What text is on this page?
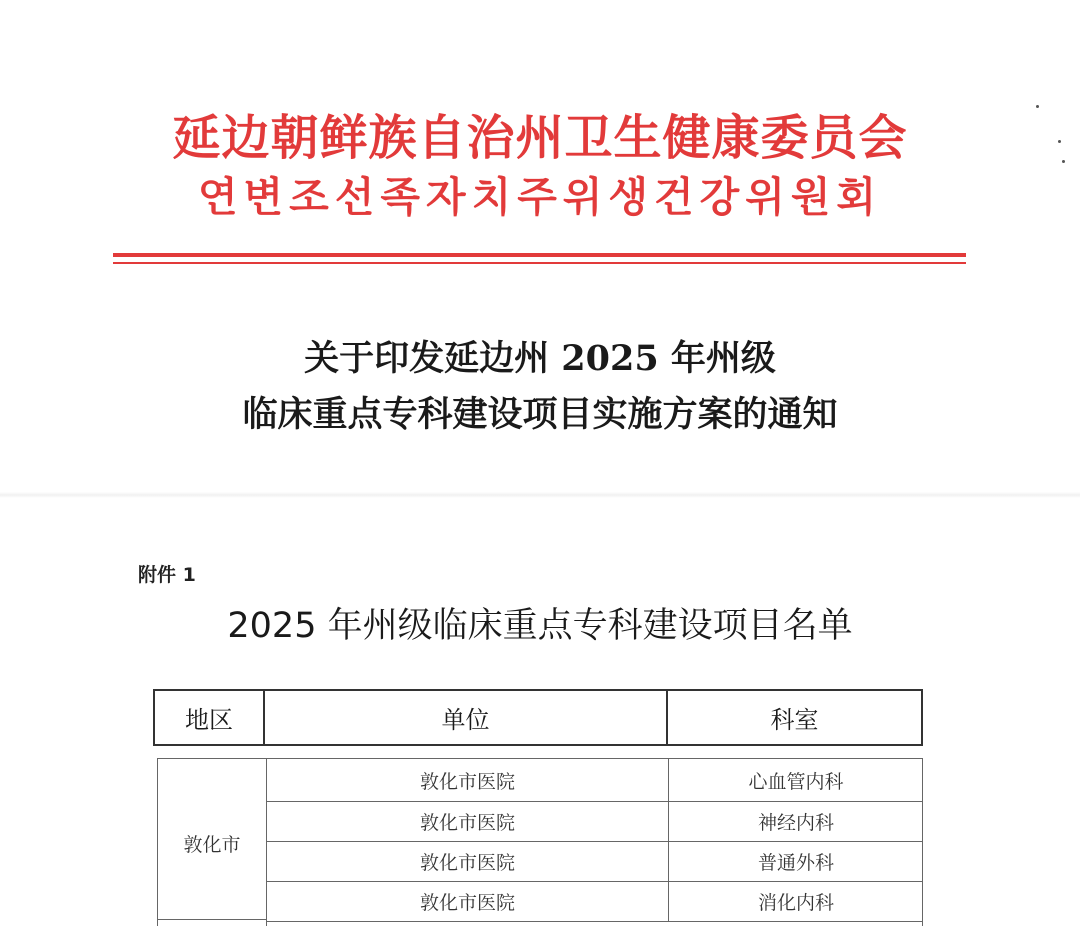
延边朝鲜族自治州卫生健康委员会
연변조선족자치주위생건강위원회
关于印发延边州 2025 年州级
临床重点专科建设项目实施方案的通知
附件 1
2025 年州级临床重点专科建设项目名单
地区	单位	科室
敦化市
敦化市医院	心血管内科
敦化市医院	神经内科
敦化市医院	普通外科
敦化市医院	消化内科
